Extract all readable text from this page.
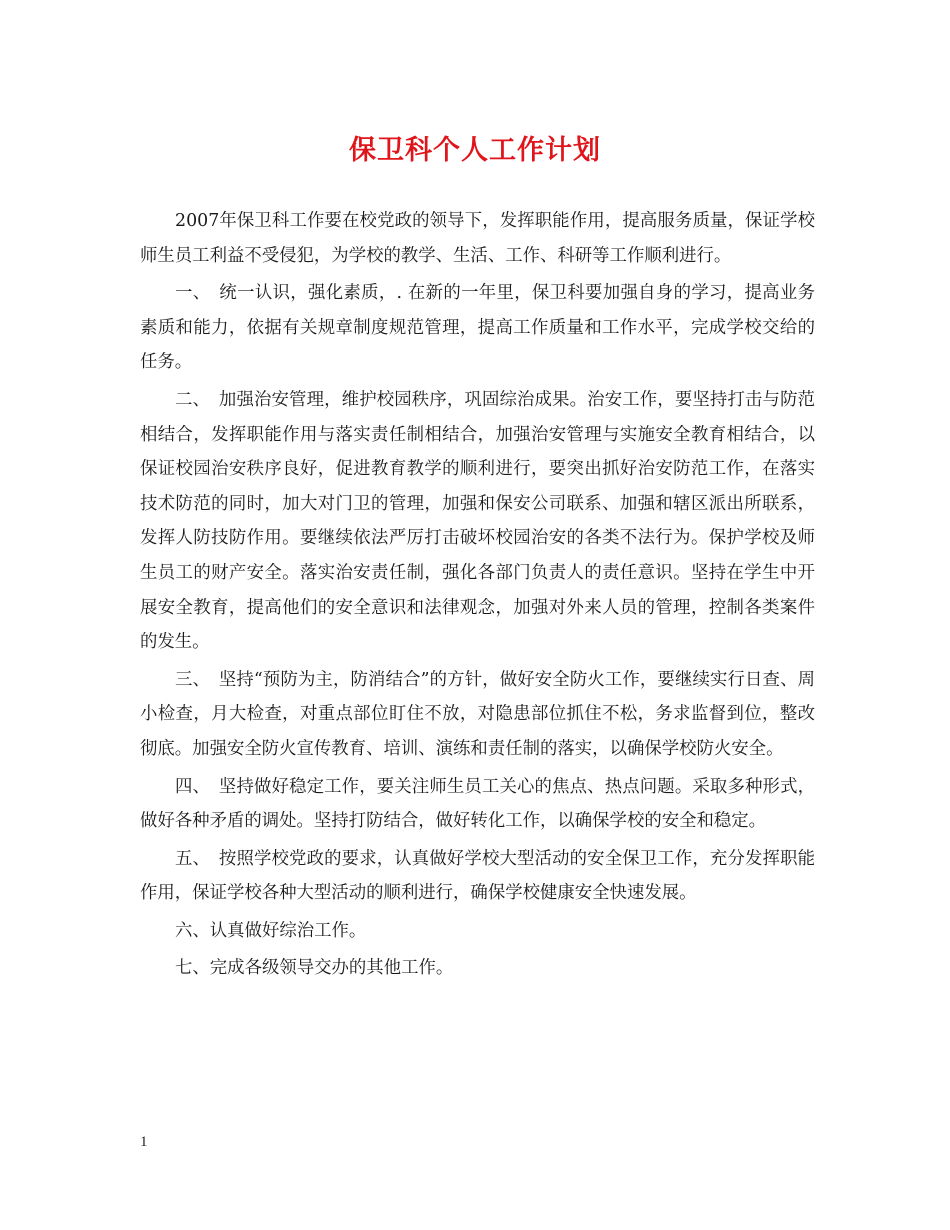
保卫科个人工作计划

2007年保卫科工作要在校党政的领导下，发挥职能作用，提高服务质量，保证学校师生员工利益不受侵犯，为学校的教学、生活、工作、科研等工作顺利进行。

一、　统一认识，强化素质，. 在新的一年里，保卫科要加强自身的学习，提高业务素质和能力，依据有关规章制度规范管理，提高工作质量和工作水平，完成学校交给的任务。

二、　加强治安管理，维护校园秩序，巩固综治成果。治安工作，要坚持打击与防范相结合，发挥职能作用与落实责任制相结合，加强治安管理与实施安全教育相结合，以保证校园治安秩序良好，促进教育教学的顺利进行，要突出抓好治安防范工作，在落实技术防范的同时，加大对门卫的管理，加强和保安公司联系、加强和辖区派出所联系，发挥人防技防作用。要继续依法严厉打击破坏校园治安的各类不法行为。保护学校及师生员工的财产安全。落实治安责任制，强化各部门负责人的责任意识。坚持在学生中开展安全教育，提高他们的安全意识和法律观念，加强对外来人员的管理，控制各类案件的发生。

三、　坚持“预防为主，防消结合”的方针，做好安全防火工作，要继续实行日查、周小检查，月大检查，对重点部位盯住不放，对隐患部位抓住不松，务求监督到位，整改彻底。加强安全防火宣传教育、培训、演练和责任制的落实，以确保学校防火安全。

四、　坚持做好稳定工作，要关注师生员工关心的焦点、热点问题。采取多种形式，做好各种矛盾的调处。坚持打防结合，做好转化工作，以确保学校的安全和稳定。

五、　按照学校党政的要求，认真做好学校大型活动的安全保卫工作，充分发挥职能作用，保证学校各种大型活动的顺利进行，确保学校健康安全快速发展。

六、认真做好综治工作。

七、完成各级领导交办的其他工作。

1
